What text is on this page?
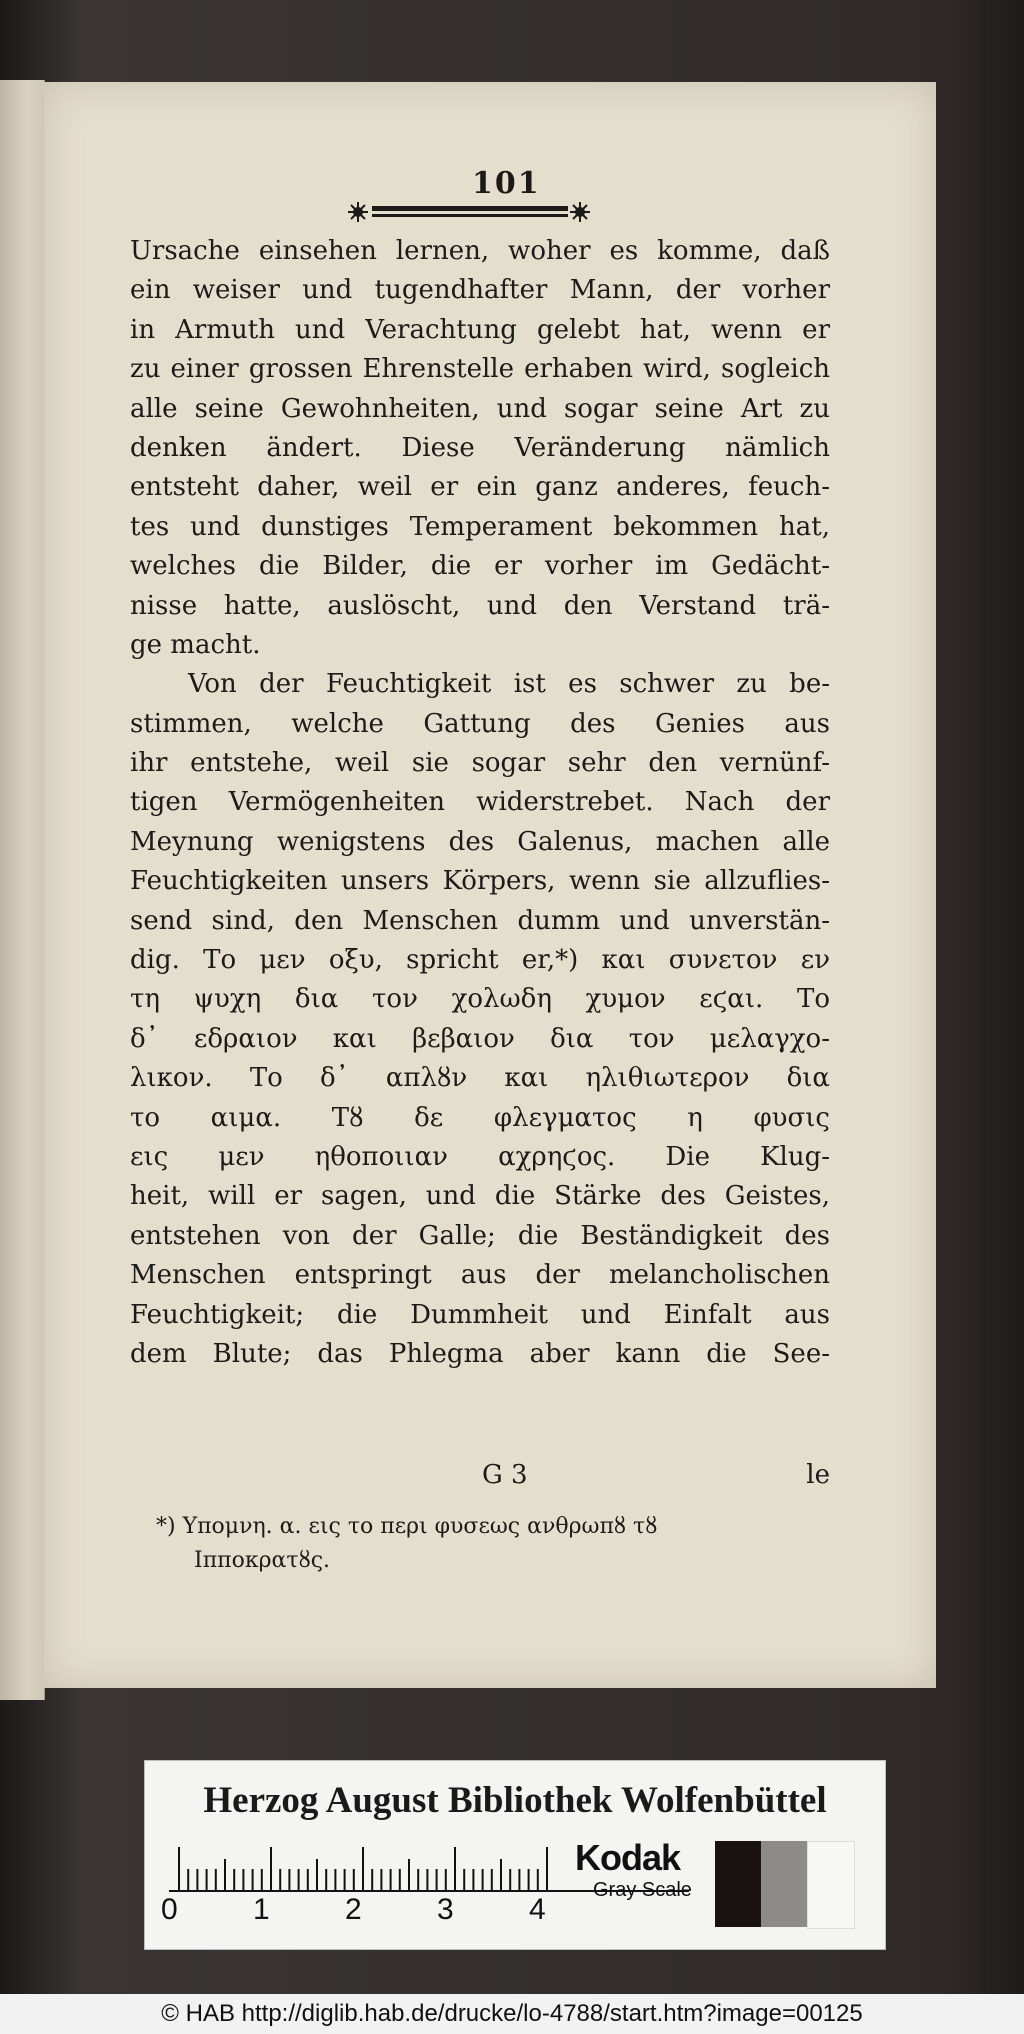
101
Ursache einsehen lernen, woher es komme, daß
ein weiser und tugendhafter Mann, der vorher
in Armuth und Verachtung gelebt hat, wenn er
zu einer grossen Ehrenstelle erhaben wird, sogleich
alle seine Gewohnheiten, und sogar seine Art zu
denken ändert. Diese Veränderung nämlich
entsteht daher, weil er ein ganz anderes, feuch-
tes und dunstiges Temperament bekommen hat,
welches die Bilder, die er vorher im Gedächt-
nisse hatte, auslöscht, und den Verstand trä-
ge macht.
Von der Feuchtigkeit ist es schwer zu be-
stimmen, welche Gattung des Genies aus
ihr entstehe, weil sie sogar sehr den vernünf-
tigen Vermögenheiten widerstrebet. Nach der
Meynung wenigstens des Galenus, machen alle
Feuchtigkeiten unsers Körpers, wenn sie allzuflies-
send sind, den Menschen dumm und unverstän-
dig. Το μεν οξυ, spricht er,*) και συνετον εν
τη ψυχη δια τον χολωδη χυμον εϛαι. Το
δ᾽ εδραιον και βεβαιον δια τον μελαγχο-
λικον. Το δ᾽ απλȣν και ηλιθιωτερον δια
το αιμα. Τȣ δε φλεγματος η φυσις
εις μεν ηθοποιιαν αχρηϛος. Die Klug-
heit, will er sagen, und die Stärke des Geistes,
entstehen von der Galle; die Beständigkeit des
Menschen entspringt aus der melancholischen
Feuchtigkeit; die Dummheit und Einfalt aus
dem Blute; das Phlegma aber kann die See-
G 3	le
*) Υπομνη. α. εις το περι φυσεως ανθρωπȣ τȣ
Ιπποκρατȣς.
Herzog August Bibliothek Wolfenbüttel
0	1	2	3	4
Kodak
Gray Scale
© HAB http://diglib.hab.de/drucke/lo-4788/start.htm?image=00125
